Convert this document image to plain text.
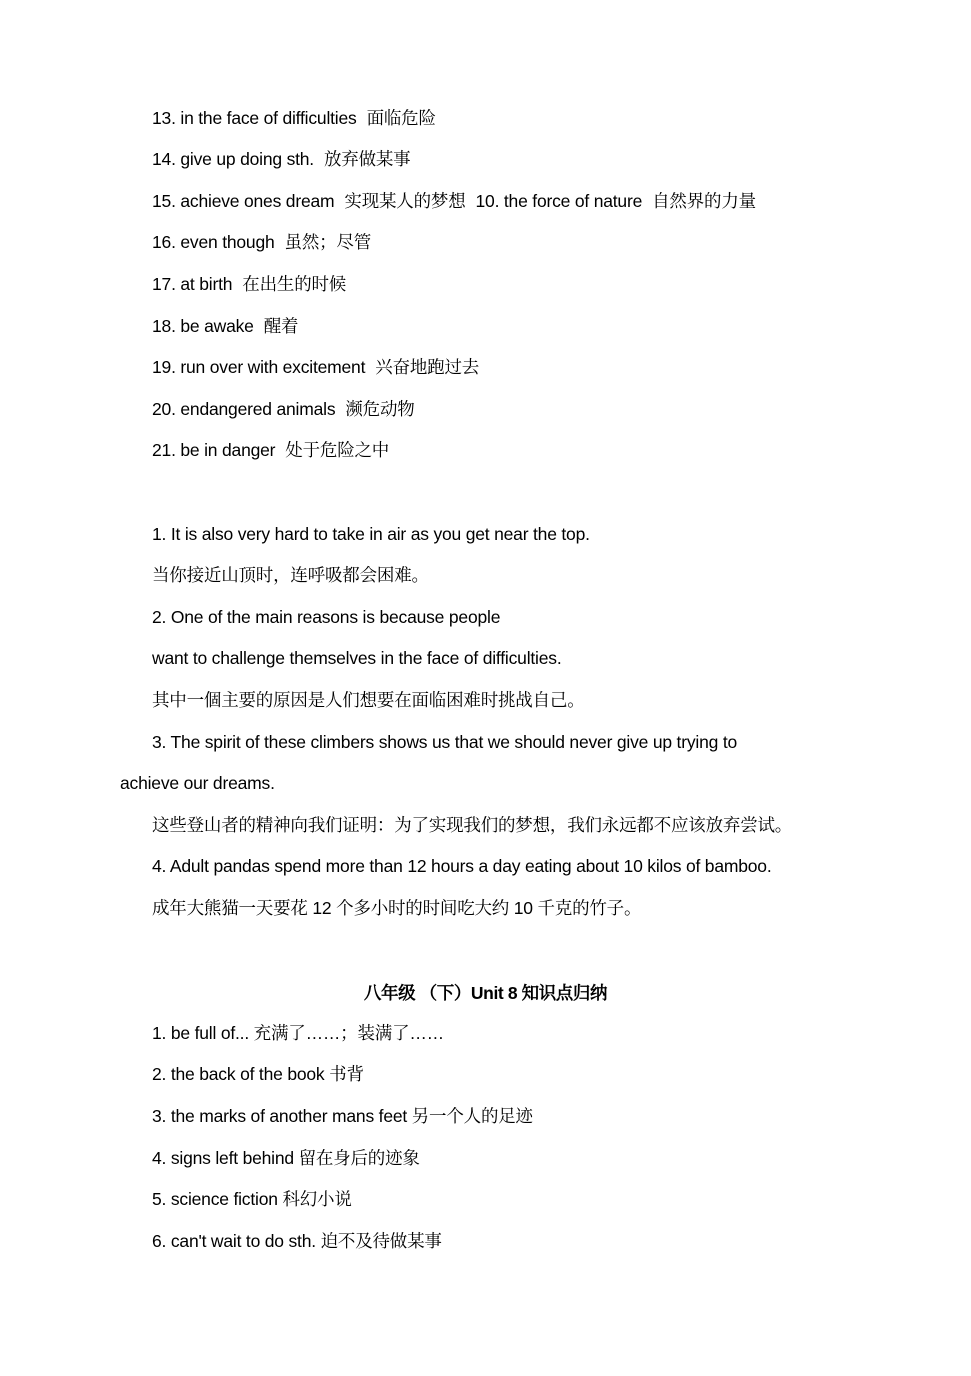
13. in the face of difficulties 面临危险
14. give up doing sth. 放弃做某事
15. achieve ones dream 实现某人的梦想 10. the force of nature 自然界的力量
16. even though 虽然；尽管
17. at birth 在出生的时候
18. be awake 醒着
19. run over with excitement 兴奋地跑过去
20. endangered animals 濒危动物
21. be in danger 处于危险之中
1. It is also very hard to take in air as you get near the top.
当你接近山顶时，连呼吸都会困难。
2. One of the main reasons is because people
want to challenge themselves in the face of difficulties.
其中一個主要的原因是人们想要在面临困难时挑战自己。
3. The spirit of these climbers shows us that we should never give up trying to
achieve our dreams.
这些登山者的精神向我们证明：为了实现我们的梦想，我们永远都不应该放弃尝试。
4. Adult pandas spend more than 12 hours a day eating about 10 kilos of bamboo.
成年大熊猫一天要花 12 个多小时的时间吃大约 10 千克的竹子。
八年级 （下）Unit 8 知识点归纳
1. be full of... 充满了……；装满了……
2. the back of the book 书背
3. the marks of another mans feet 另一个人的足迹
4. signs left behind 留在身后的迹象
5. science fiction 科幻小说
6. can't wait to do sth. 迫不及待做某事
